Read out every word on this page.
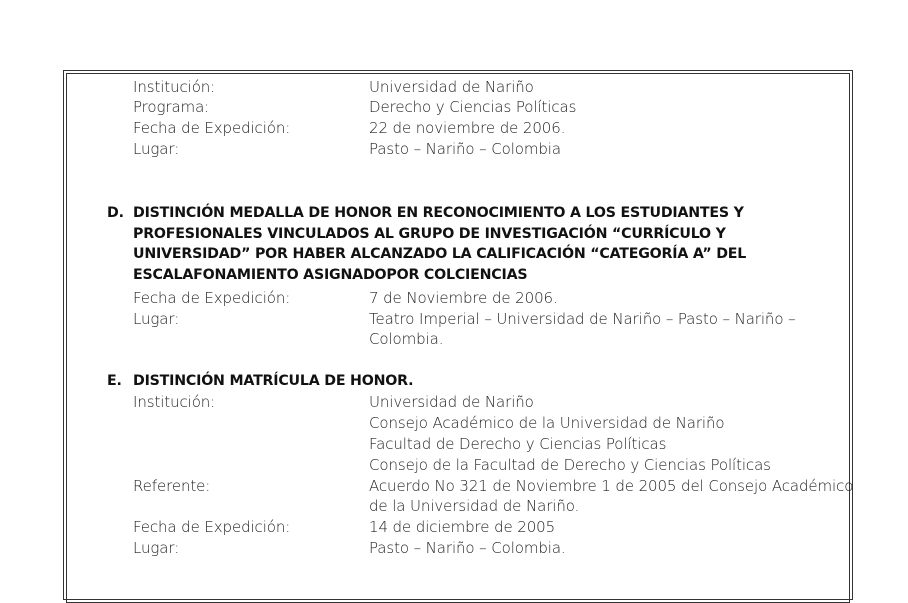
Institución:	Universidad de Nariño
Programa:	Derecho y Ciencias Políticas
Fecha de Expedición:	22 de noviembre de 2006.
Lugar:	Pasto – Nariño – Colombia
D. DISTINCIÓN MEDALLA DE HONOR EN RECONOCIMIENTO A LOS ESTUDIANTES Y PROFESIONALES VINCULADOS AL GRUPO DE INVESTIGACIÓN “CURRÍCULO Y UNIVERSIDAD” POR HABER ALCANZADO LA CALIFICACIÓN “CATEGORÍA A” DEL ESCALAFONAMIENTO ASIGNADOPOR COLCIENCIAS
Fecha de Expedición:	7 de Noviembre de 2006.
Lugar:	Teatro Imperial – Universidad de Nariño – Pasto – Nariño – Colombia.
E. DISTINCIÓN MATRÍCULA DE HONOR.
Institución:	Universidad de Nariño
Consejo Académico de la Universidad de Nariño
Facultad de Derecho y Ciencias Políticas
Consejo de la Facultad de Derecho y Ciencias Políticas
Referente:	Acuerdo No 321 de Noviembre 1 de 2005 del Consejo Académico de la Universidad de Nariño.
Fecha de Expedición:	14 de diciembre de 2005
Lugar:	Pasto – Nariño – Colombia.
